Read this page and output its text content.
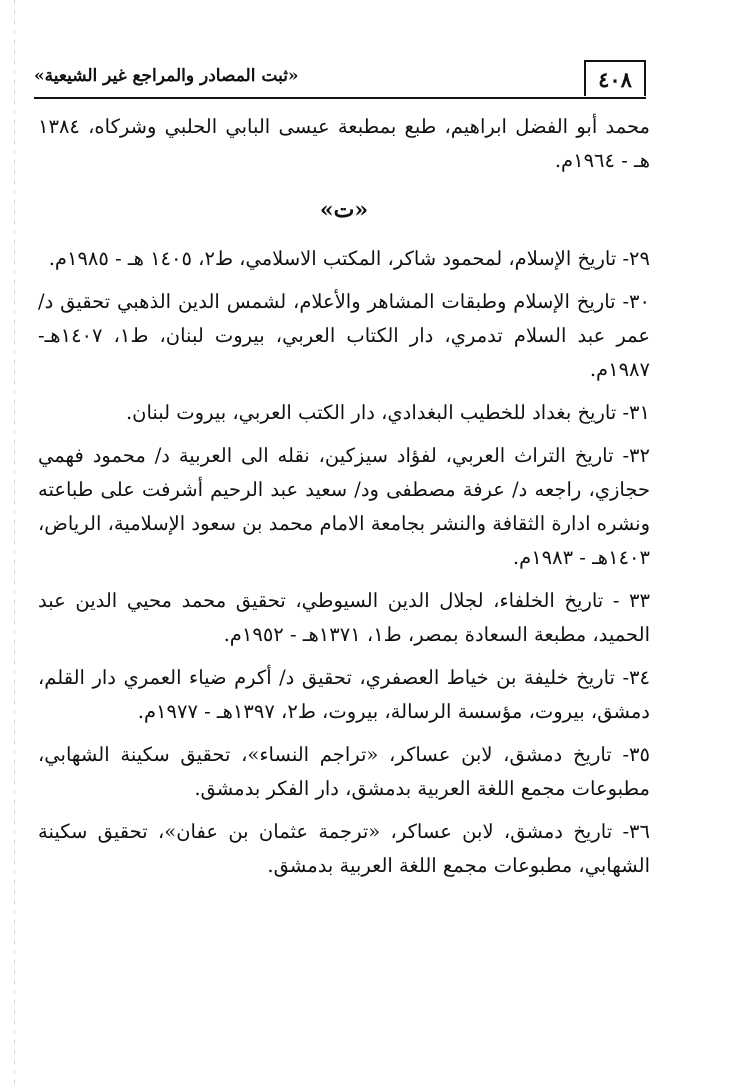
٤٠٨
«ثبت المصادر والمراجع غير الشيعية»

محمد أبو الفضل ابراهيم، طبع بمطبعة عيسى البابي الحلبي وشركاه، ١٣٨٤ هـ - ١٩٦٤م.

«ت»

٢٩- تاريخ الإسلام، لمحمود شاكر، المكتب الاسلامي، ط٢، ١٤٠٥ هـ - ١٩٨٥م.

٣٠- تاريخ الإسلام وطبقات المشاهر والأعلام، لشمس الدين الذهبي تحقيق د/ عمر عبد السلام تدمري، دار الكتاب العربي، بيروت لبنان، ط١، ١٤٠٧هـ- ١٩٨٧م.

٣١- تاريخ بغداد للخطيب البغدادي، دار الكتب العربي، بيروت لبنان.

٣٢- تاريخ التراث العربي، لفؤاد سيزكين، نقله الى العربية د/ محمود فهمي حجازي، راجعه د/ عرفة مصطفى ود/ سعيد عبد الرحيم أشرفت على طباعته ونشره ادارة الثقافة والنشر بجامعة الامام محمد بن سعود الإسلامية، الرياض، ١٤٠٣هـ - ١٩٨٣م.

٣٣ - تاريخ الخلفاء، لجلال الدين السيوطي، تحقيق محمد محيي الدين عبد الحميد، مطبعة السعادة بمصر، ط١، ١٣٧١هـ - ١٩٥٢م.

٣٤- تاريخ خليفة بن خياط العصفري، تحقيق د/ أكرم ضياء العمري دار القلم، دمشق، بيروت، مؤسسة الرسالة، بيروت، ط٢، ١٣٩٧هـ - ١٩٧٧م.

٣٥- تاريخ دمشق، لابن عساكر، «تراجم النساء»، تحقيق سكينة الشهابي، مطبوعات مجمع اللغة العربية بدمشق، دار الفكر بدمشق.

٣٦- تاريخ دمشق، لابن عساكر، «ترجمة عثمان بن عفان»، تحقيق سكينة الشهابي، مطبوعات مجمع اللغة العربية بدمشق.
